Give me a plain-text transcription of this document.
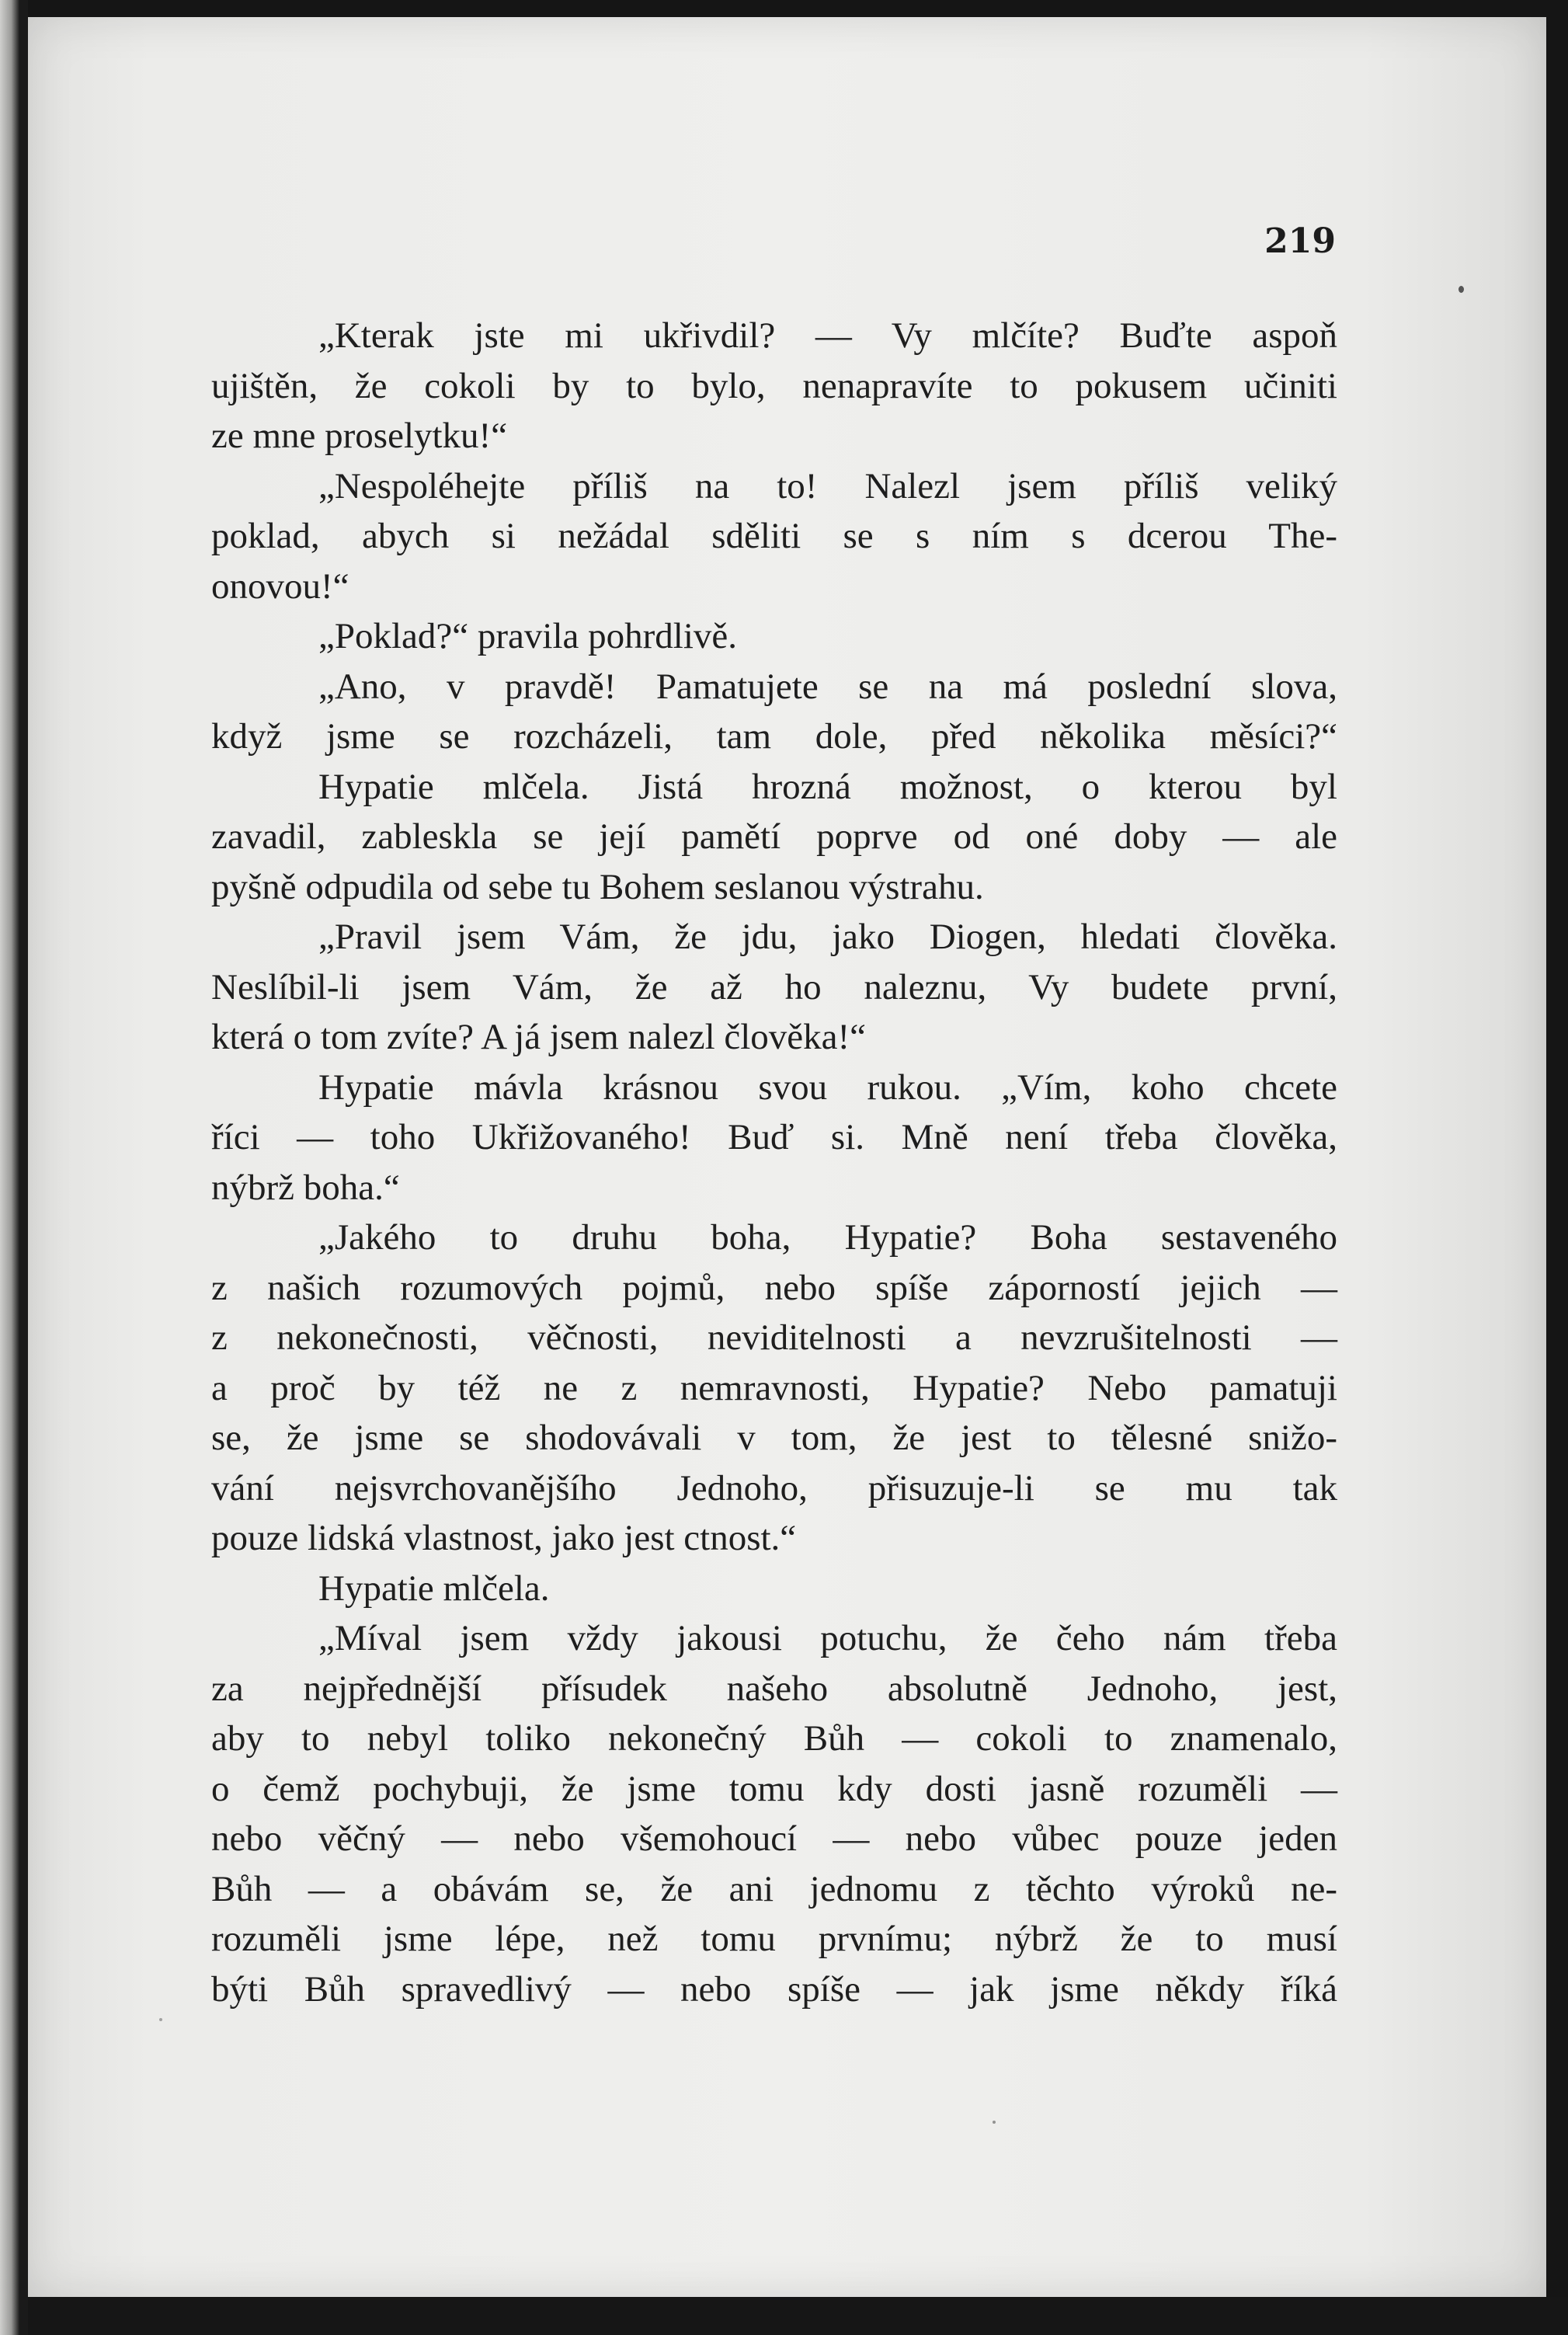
219

„Kterak jste mi ukřivdil? — Vy mlčíte? Buďte aspoň
ujištěn, že cokoli by to bylo, nenapravíte to pokusem učiniti
ze mne proselytku!“
„Nespoléhejte příliš na to! Nalezl jsem příliš veliký
poklad, abych si nežádal sděliti se s ním s dcerou The-
onovou!“
„Poklad?“ pravila pohrdlivě.
„Ano, v pravdě! Pamatujete se na má poslední slova,
když jsme se rozcházeli, tam dole, před několika měsíci?“
Hypatie mlčela. Jistá hrozná možnost, o kterou byl
zavadil, zableskla se její pamětí poprve od oné doby — ale
pyšně odpudila od sebe tu Bohem seslanou výstrahu.
„Pravil jsem Vám, že jdu, jako Diogen, hledati člověka.
Neslíbil-li jsem Vám, že až ho naleznu, Vy budete první,
která o tom zvíte? A já jsem nalezl člověka!“
Hypatie mávla krásnou svou rukou. „Vím, koho chcete
říci — toho Ukřižovaného! Buď si. Mně není třeba člověka,
nýbrž boha.“
„Jakého to druhu boha, Hypatie? Boha sestaveného
z našich rozumových pojmů, nebo spíše záporností jejich —
z nekonečnosti, věčnosti, neviditelnosti a nevzrušitelnosti —
a proč by též ne z nemravnosti, Hypatie? Nebo pamatuji
se, že jsme se shodovávali v tom, že jest to tělesné snižo-
vání nejsvrchovanějšího Jednoho, přisuzuje-li se mu tak
pouze lidská vlastnost, jako jest ctnost.“
Hypatie mlčela.
„Míval jsem vždy jakousi potuchu, že čeho nám třeba
za nejpřednější přísudek našeho absolutně Jednoho, jest,
aby to nebyl toliko nekonečný Bůh — cokoli to znamenalo,
o čemž pochybuji, že jsme tomu kdy dosti jasně rozuměli —
nebo věčný — nebo všemohoucí — nebo vůbec pouze jeden
Bůh — a obávám se, že ani jednomu z těchto výroků ne-
rozuměli jsme lépe, než tomu prvnímu; nýbrž že to musí
býti Bůh spravedlivý — nebo spíše — jak jsme někdy říká
